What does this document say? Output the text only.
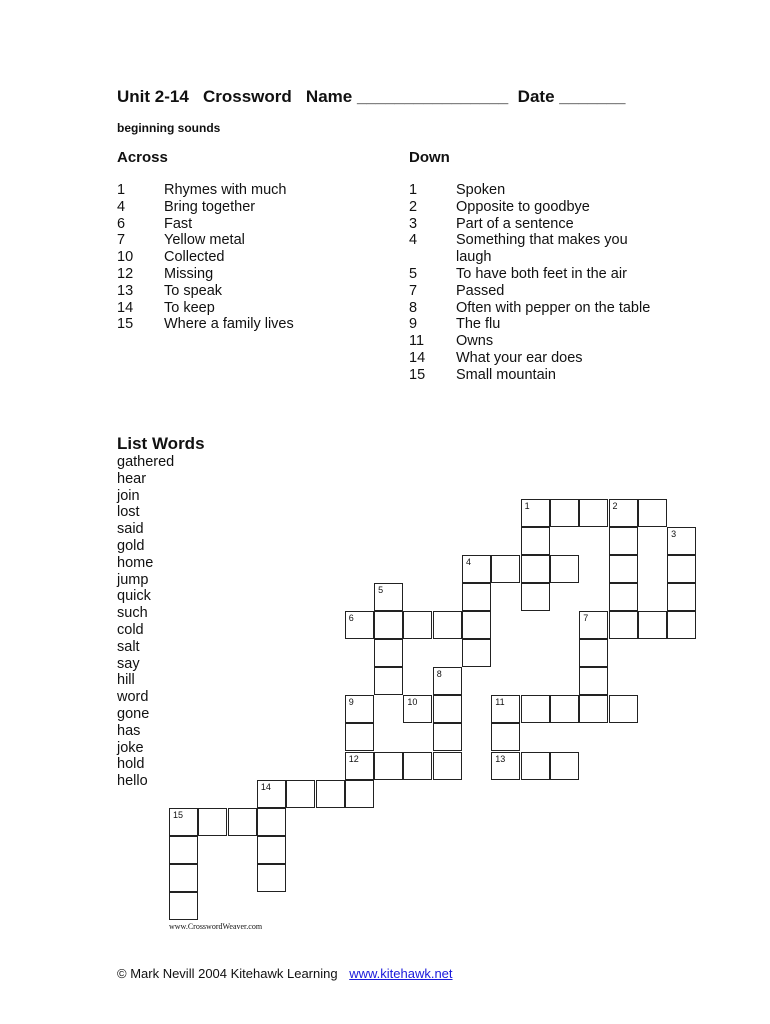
Unit 2-14   Crossword   Name ________________  Date _______
beginning sounds
Across	Down
1	Rhymes with much
4	Bring together
6	Fast
7	Yellow metal
10	Collected
12	Missing
13	To speak
14	To keep
15	Where a family lives
1	Spoken
2	Opposite to goodbye
3	Part of a sentence
4	Something that makes you laugh
5	To have both feet in the air
7	Passed
8	Often with pepper on the table
9	The flu
11	Owns
14	What your ear does
15	Small mountain
List Words
gathered
hear
join
lost
said
gold
home
jump
quick
such
cold
salt
say
hill
word
gone
has
joke
hold
hello
1	2
3
4
5
6	7
8
9	10	11
12	13
14
15
www.CrosswordWeaver.com
© Mark Nevill 2004 Kitehawk Learning www.kitehawk.net
